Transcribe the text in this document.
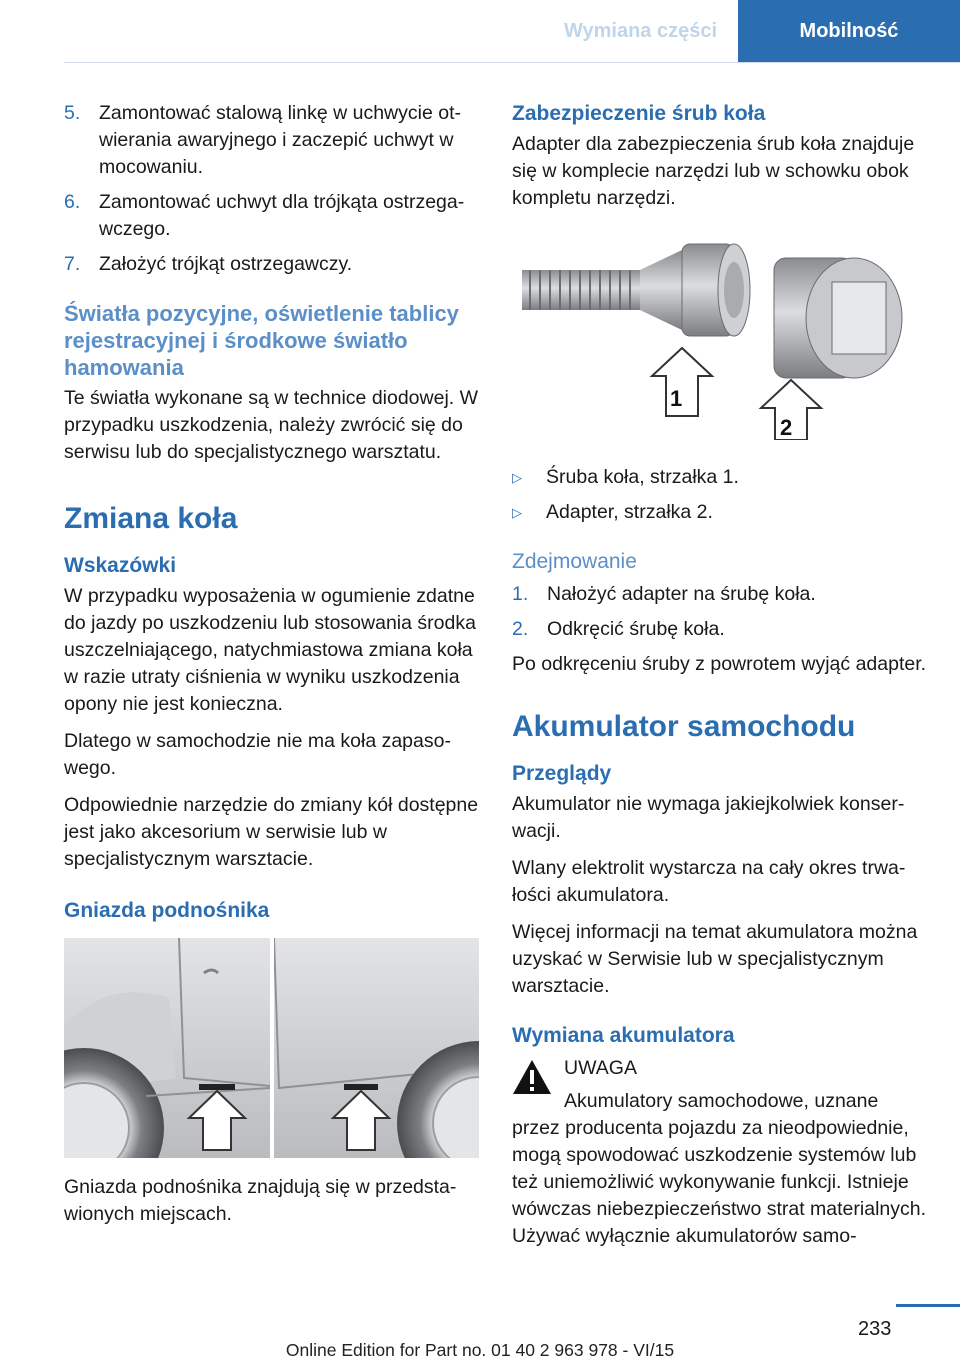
Wymiana części	Mobilność
5. Zamontować stalową linkę w uchwycie otwierania awaryjnego i zaczepić uchwyt w mocowaniu.
6. Zamontować uchwyt dla trójkąta ostrzegawczego.
7. Założyć trójkąt ostrzegawczy.
Światła pozycyjne, oświetlenie tablicy rejestracyjnej i środkowe światło hamowania

Te światła wykonane są w technice diodowej. W przypadku uszkodzenia, należy zwrócić się do serwisu lub do specjalistycznego warsztatu.

Zmiana koła
Wskazówki

W przypadku wyposażenia w ogumienie zdatne do jazdy po uszkodzeniu lub stosowania środka uszczelniającego, natychmiastowa zmiana koła w razie utraty ciśnienia w wyniku uszkodzenia opony nie jest konieczna.

Dlatego w samochodzie nie ma koła zapasowego.

Odpowiednie narzędzie do zmiany kół dostępne jest jako akcesorium w serwisie lub w specjalistycznym warsztacie.

Gniazda podnośnika

Gniazda podnośnika znajdują się w przedstawionych miejscach.

Zabezpieczenie śrub koła

Adapter dla zabezpieczenia śrub koła znajduje się w komplecie narzędzi lub w schowku obok kompletu narzędzi.

1
2
▷	Śruba koła, strzałka 1.
▷	Adapter, strzałka 2.
Zdejmowanie
1. Nałożyć adapter na śrubę koła.
2. Odkręcić śrubę koła.

Po odkręceniu śruby z powrotem wyjąć adapter.

Akumulator samochodu
Przeglądy

Akumulator nie wymaga jakiejkolwiek konserwacji.

Wlany elektrolit wystarcza na cały okres trwałości akumulatora.

Więcej informacji na temat akumulatora można uzyskać w Serwisie lub w specjalistycznym warsztacie.

Wymiana akumulatora

UWAGA

Akumulatory samochodowe, uznane

przez producenta pojazdu za nieodpowiednie, mogą spowodować uszkodzenie systemów lub też uniemożliwić wykonywanie funkcji. Istnieje wówczas niebezpieczeństwo strat materialnych. Używać wyłącznie akumulatorów samo-

233
Online Edition for Part no. 01 40 2 963 978 - VI/15
